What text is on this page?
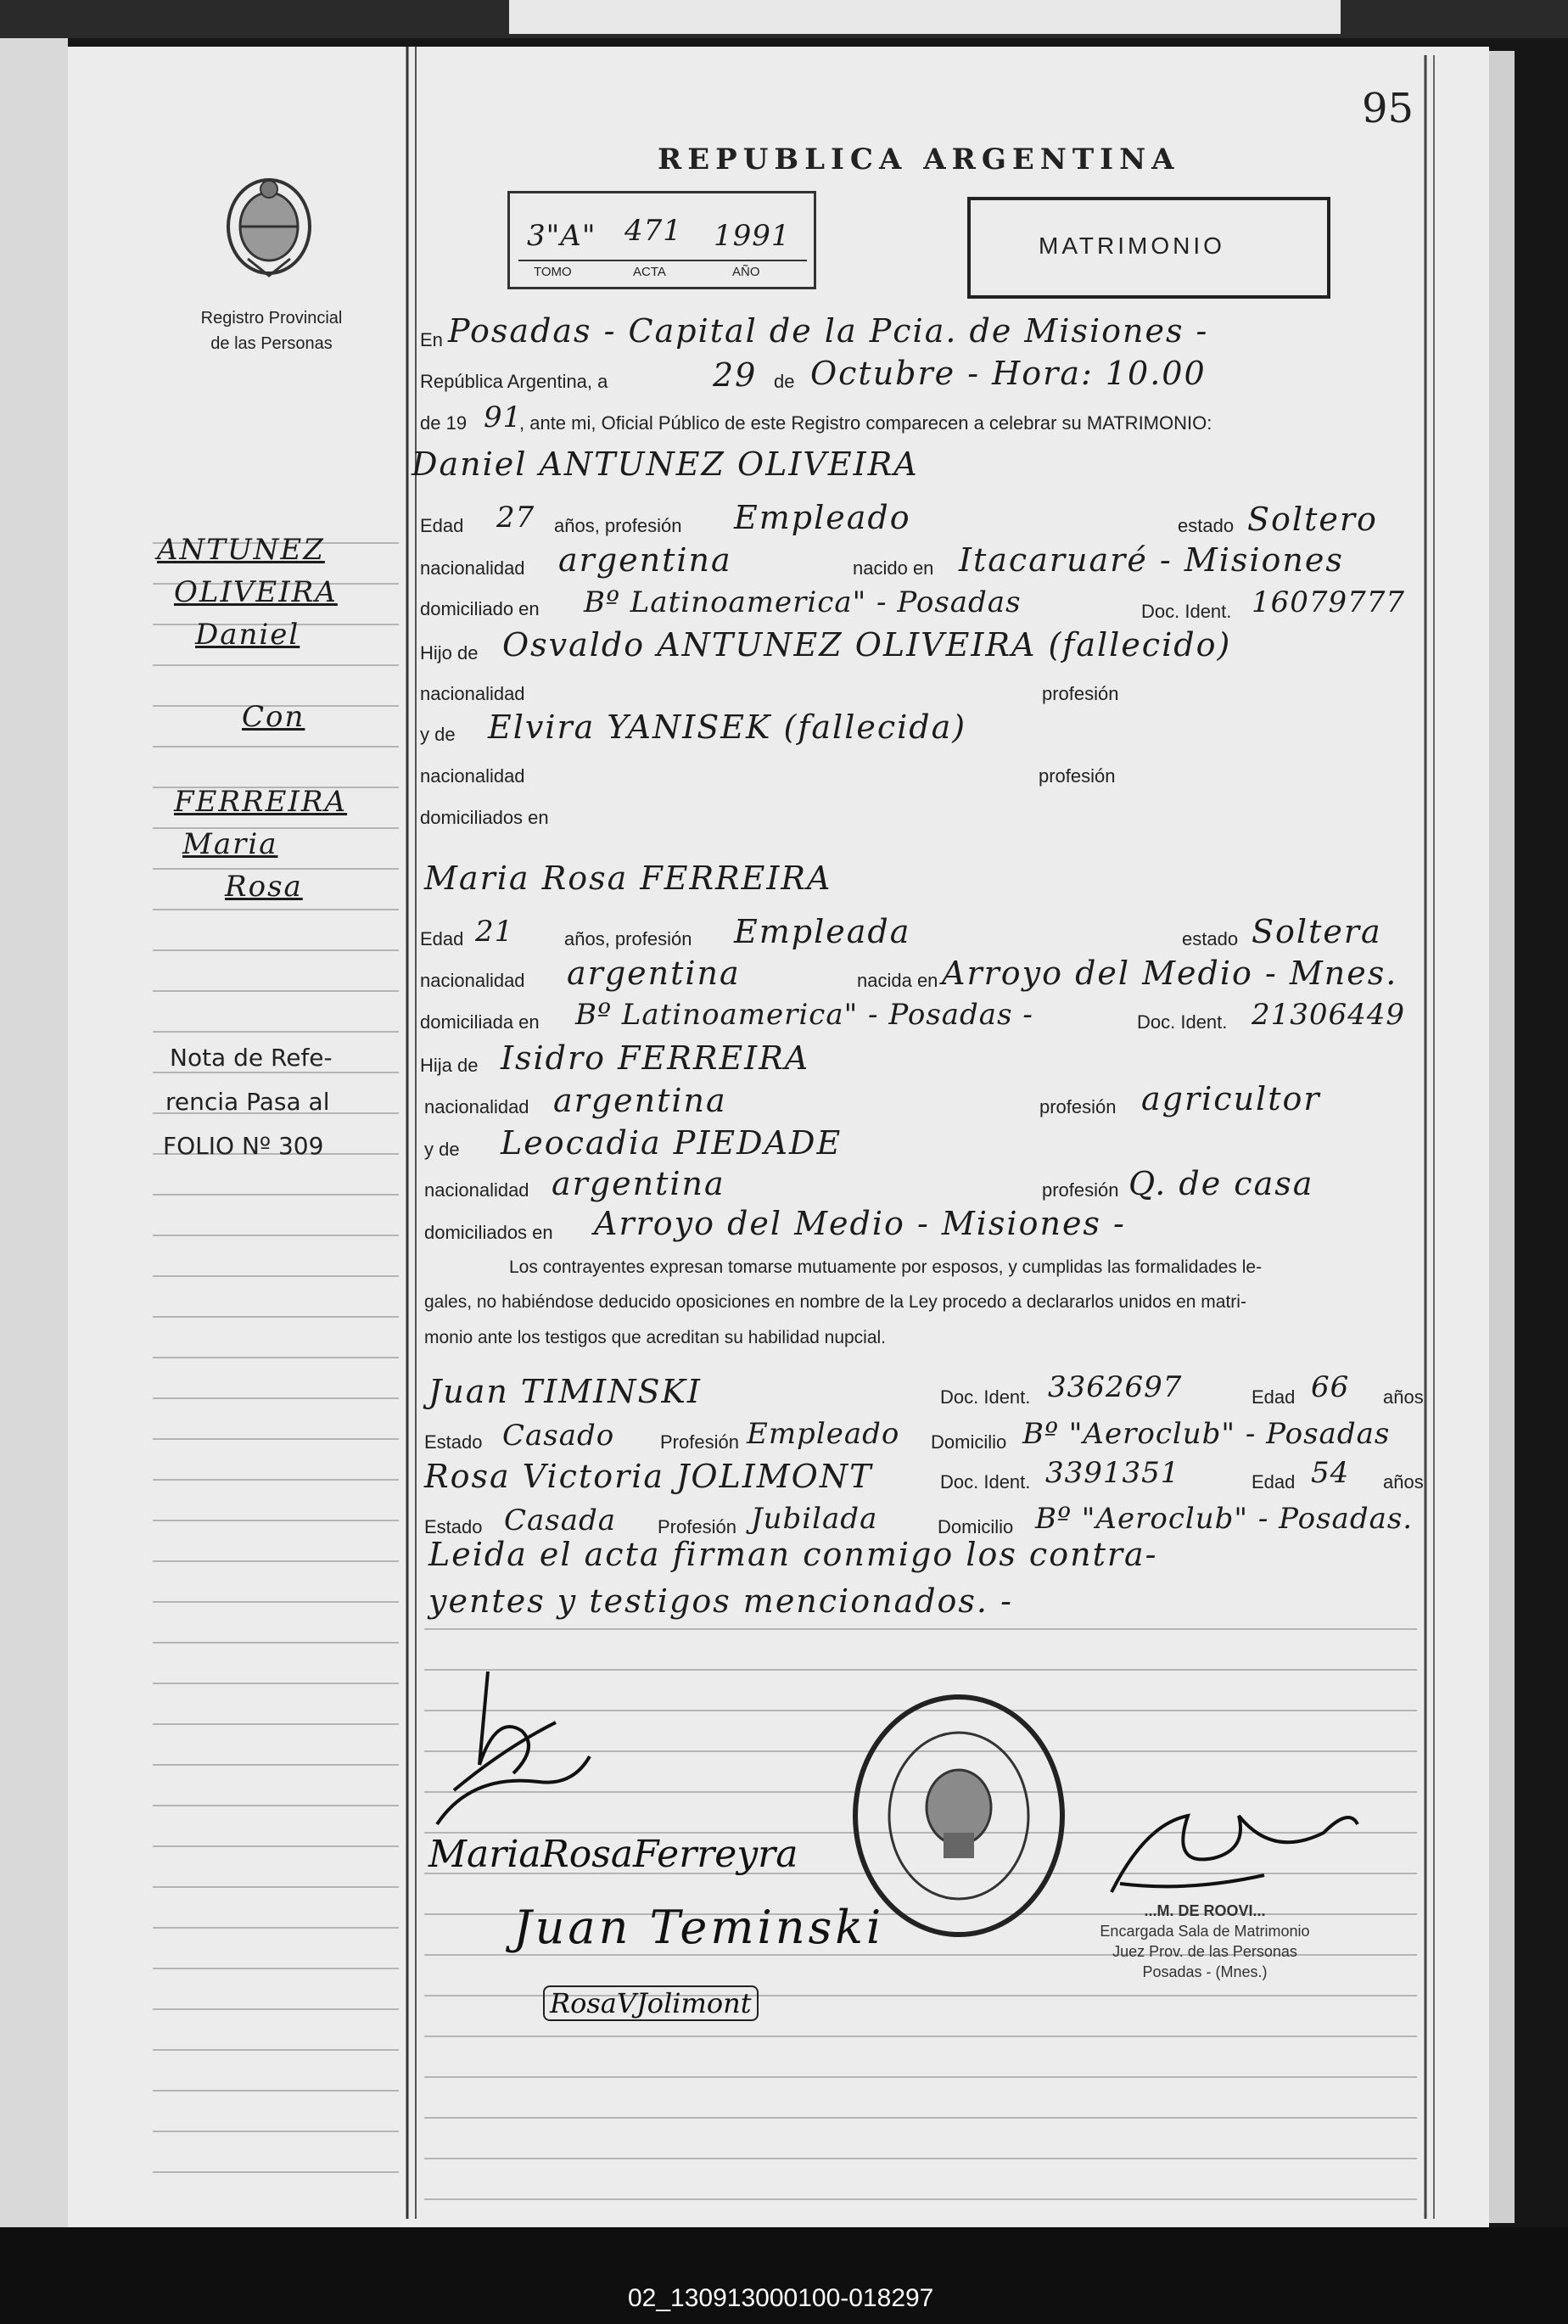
95
REPUBLICA ARGENTINA
Registro Provincial
de las Personas
3"A" 471 1991
TOMO	ACTA	AÑO
MATRIMONIO
ANTUNEZ
OLIVEIRA
Daniel
Con
FERREIRA
Maria
Rosa
Nota de Refe-
rencia Pasa al
FOLIO Nº 309
En Posadas - Capital de la Pcia. de Misiones -
República Argentina, a	29 de Octubre - Hora: 10.00
de 19 91
, ante mi, Oficial Público de este Registro comparecen a celebrar su MATRIMONIO:
Daniel ANTUNEZ OLIVEIRA
Edad 27 años, profesión Empleado	estado Soltero
nacionalidad argentina	nacido en Itacaruaré - Misiones
domiciliado en Bº Latinoamerica" - Posadas	Doc. Ident. 16079777
Hijo de Osvaldo ANTUNEZ OLIVEIRA (fallecido)
nacionalidad	profesión
y de Elvira YANISEK (fallecida)
nacionalidad	profesión
domiciliados en
Maria Rosa FERREIRA
Edad 21	años, profesión Empleada	estado Soltera
nacionalidad argentina	nacida en Arroyo del Medio - Mnes.
domiciliada en Bº Latinoamerica" - Posadas -	Doc. Ident. 21306449
Hija de Isidro FERREIRA
nacionalidad argentina	profesión agricultor
y de Leocadia PIEDADE
nacionalidad argentina	profesión Q. de casa
domiciliados en Arroyo del Medio - Misiones -
Los contrayentes expresan tomarse mutuamente por esposos, y cumplidas las formalidades le-
gales, no habiéndose deducido oposiciones en nombre de la Ley procedo a declararlos unidos en matri-
monio ante los testigos que acreditan su habilidad nupcial.
Juan TIMINSKI	Doc. Ident. 3362697	Edad 66 años
Estado Casado Profesión Empleado Domicilio Bº "Aeroclub" - Posadas
Rosa Victoria JOLIMONT	Doc. Ident. 3391351	Edad 54 años
Estado Casada Profesión Jubilada	Domicilio Bº "Aeroclub" - Posadas.
Leida el acta firman conmigo los contra-
yentes y testigos mencionados. -
MariaRosaFerreyra
Juan Teminski
RosaVJolimont
...M. DE ROOVI...
Encargada Sala de Matrimonio
Juez Prov. de las Personas
Posadas - (Mnes.)
02_130913000100-018297
